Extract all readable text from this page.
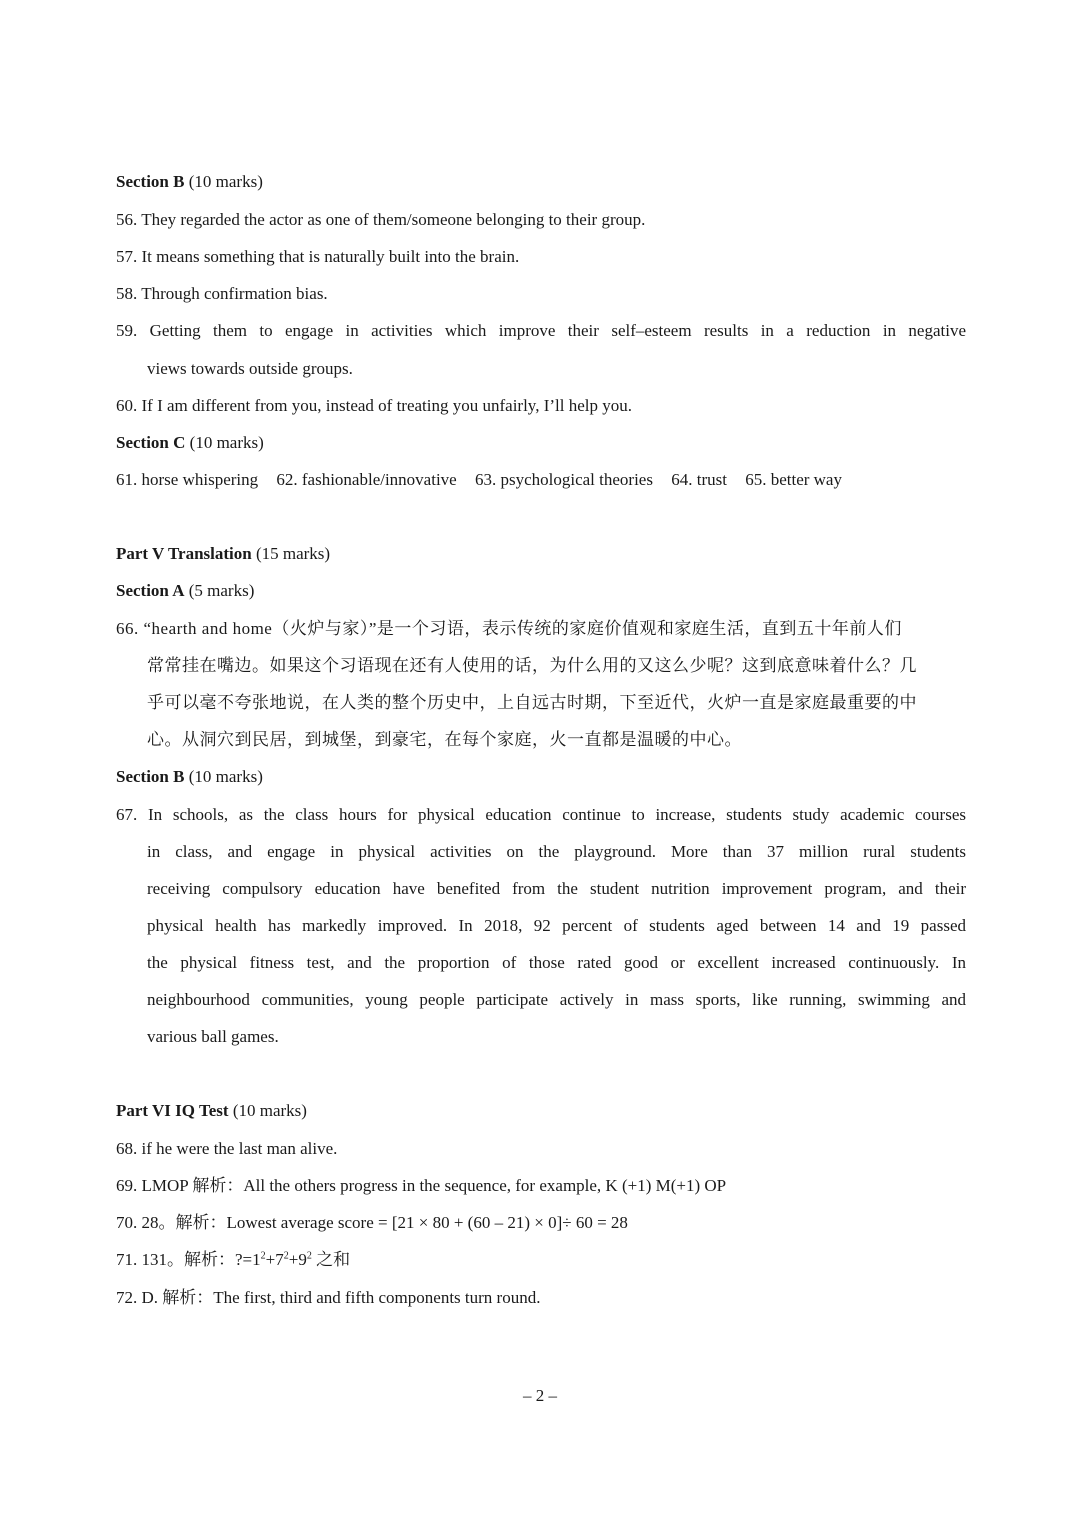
Section B (10 marks)
56. They regarded the actor as one of them/someone belonging to their group.
57. It means something that is naturally built into the brain.
58. Through confirmation bias.
59. Getting them to engage in activities which improve their self–esteem results in a reduction in negative
views towards outside groups.
60. If I am different from you, instead of treating you unfairly, I’ll help you.
Section C (10 marks)
61. horse whispering 62. fashionable/innovative 63. psychological theories 64. trust 65. better way
Part V Translation (15 marks)
Section A (5 marks)
66. “hearth and home（火炉与家）”是一个习语，表示传统的家庭价值观和家庭生活，直到五十年前人们
常常挂在嘴边。如果这个习语现在还有人使用的话，为什么用的又这么少呢？这到底意味着什么？几
乎可以毫不夸张地说，在人类的整个历史中，上自远古时期，下至近代，火炉一直是家庭最重要的中
心。从洞穴到民居，到城堡，到豪宅，在每个家庭，火一直都是温暖的中心。
Section B (10 marks)
67. In schools, as the class hours for physical education continue to increase, students study academic courses
in class, and engage in physical activities on the playground. More than 37 million rural students
receiving compulsory education have benefited from the student nutrition improvement program, and their
physical health has markedly improved. In 2018, 92 percent of students aged between 14 and 19 passed
the physical fitness test, and the proportion of those rated good or excellent increased continuously. In
neighbourhood communities, young people participate actively in mass sports, like running, swimming and
various ball games.
Part VI IQ Test (10 marks)
68. if he were the last man alive.
69. LMOP 解析：All the others progress in the sequence, for example, K (+1) M(+1) OP
70. 28。解析：Lowest average score = [21 × 80 + (60 – 21) × 0]÷ 60 = 28
71. 131。解析：$?=1^2+7^2+9^2$ 之和
72. D. 解析：The first, third and fifth components turn round.
– 2 –
